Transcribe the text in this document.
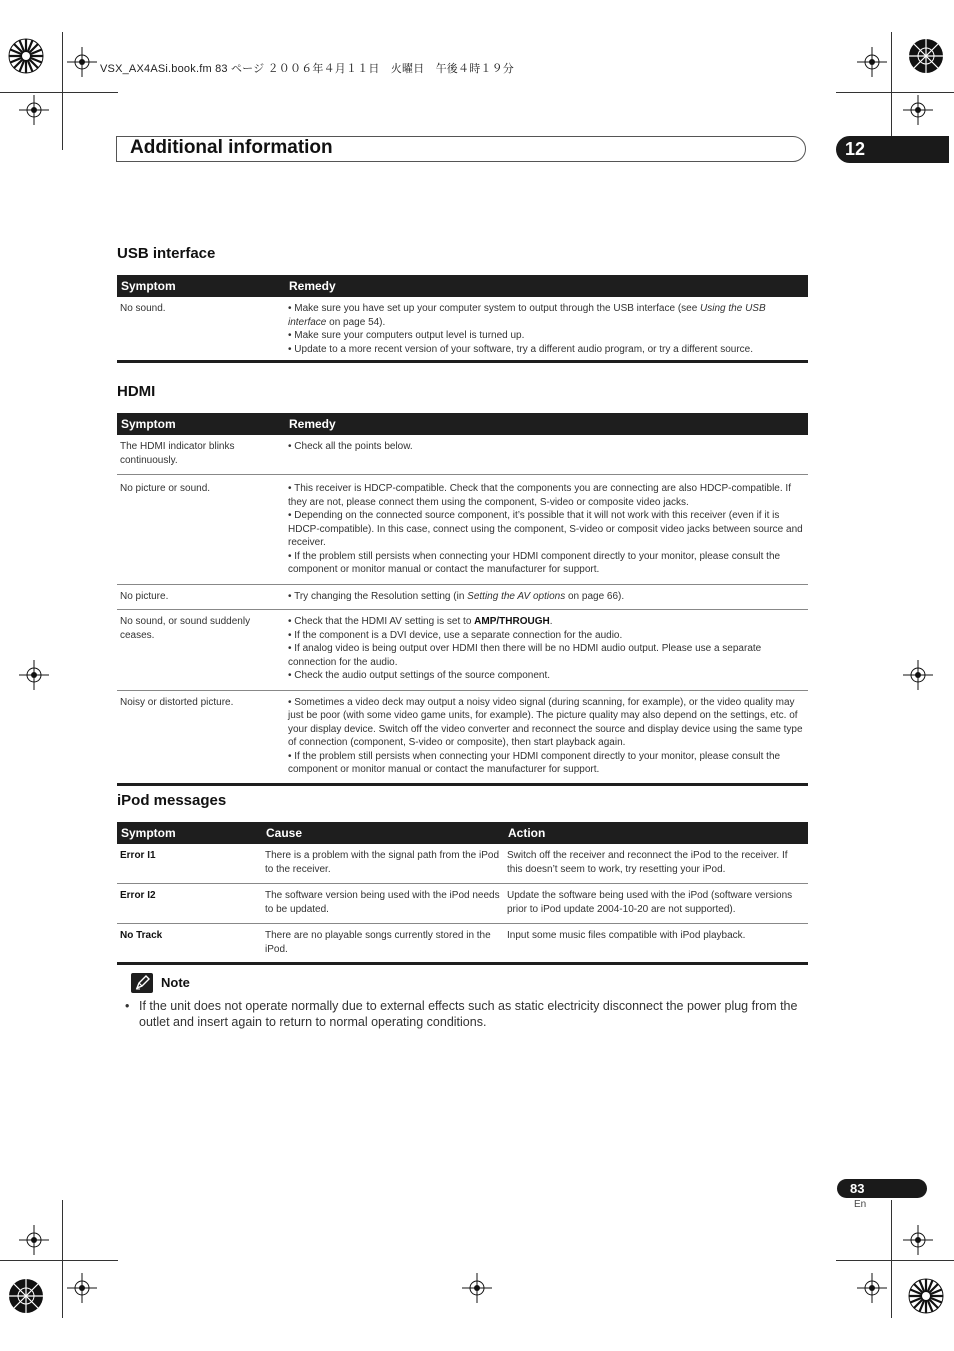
VSX_AX4ASi.book.fm 83 ページ ２００６年４月１１日　火曜日　午後４時１９分
Additional information	12
USB interface
Symptom	Remedy
No sound.	• Make sure you have set up your computer system to output through the USB interface (see Using the USB interface on page 54).
• Make sure your computers output level is turned up.
• Update to a more recent version of your software, try a different audio program, or try a different source.
HDMI
Symptom	Remedy
The HDMI indicator blinks continuously.	• Check all the points below.

No picture or sound.	• This receiver is HDCP-compatible. Check that the components you are connecting are also HDCP-compatible. If they are not, please connect them using the component, S-video or composite video jacks.
• Depending on the connected source component, it’s possible that it will not work with this receiver (even if it is HDCP-compatible). In this case, connect using the component, S-video or composit video jacks between source and receiver.
• If the problem still persists when connecting your HDMI component directly to your monitor, please consult the component or monitor manual or contact the manufacturer for support.

No picture.	• Try changing the Resolution setting (in Setting the AV options on page 66).

No sound, or sound suddenly ceases.	• Check that the HDMI AV setting is set to AMP/THROUGH.
• If the component is a DVI device, use a separate connection for the audio.
• If analog video is being output over HDMI then there will be no HDMI audio output. Please use a separate connection for the audio.
• Check the audio output settings of the source component.

Noisy or distorted picture.	• Sometimes a video deck may output a noisy video signal (during scanning, for example), or the video quality may just be poor (with some video game units, for example). The picture quality may also depend on the settings, etc. of your display device. Switch off the video converter and reconnect the source and display device using the same type of connection (component, S-video or composite), then start playback again.
• If the problem still persists when connecting your HDMI component directly to your monitor, please consult the component or monitor manual or contact the manufacturer for support.
iPod messages
Symptom	Cause	Action
Error I1	There is a problem with the signal path from the iPod to the receiver.	Switch off the receiver and reconnect the iPod to the receiver. If this doesn’t seem to work, try resetting your iPod.
Error I2	The software version being used with the iPod needs to be updated.	Update the software being used with the iPod (software versions prior to iPod update 2004-10-20 are not supported).
No Track	There are no playable songs currently stored in the iPod.	Input some music files compatible with iPod playback.
Note
• If the unit does not operate normally due to external effects such as static electricity disconnect the power plug from the outlet and insert again to return to normal operating conditions.
83
En
